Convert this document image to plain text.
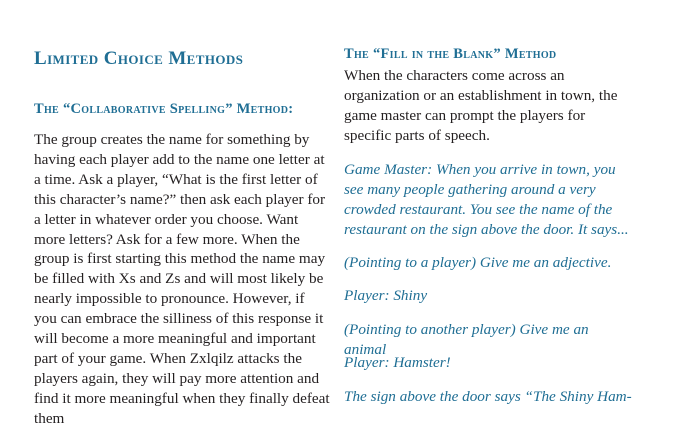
Limited Choice Methods
The “Collaborative Spelling” Method:

The group creates the name for something by having each player add to the name one letter at a time. Ask a player, “What is the first letter of this character’s name?” then ask each player for a letter in whatever order you choose. Want more letters? Ask for a few more. When the group is first starting this method the name may be filled with Xs and Zs and will most likely be nearly impossible to pronounce. However, if you can embrace the silliness of this response it will become a more meaningful and important part of your game. When Zxlqilz attacks the players again, they will pay more attention and find it more meaningful when they finally defeat them

The “Fill in the Blank” Method

When the characters come across an organization or an establishment in town, the game master can prompt the players for specific parts of speech.

Game Master: When you arrive in town, you see many people gathering around a very crowded restaurant. You see the name of the restaurant on the sign above the door. It says...

(Pointing to a player) Give me an adjective.

Player: Shiny

(Pointing to another player) Give me an animal

Player: Hamster!

The sign above the door says “The Shiny Ham-
